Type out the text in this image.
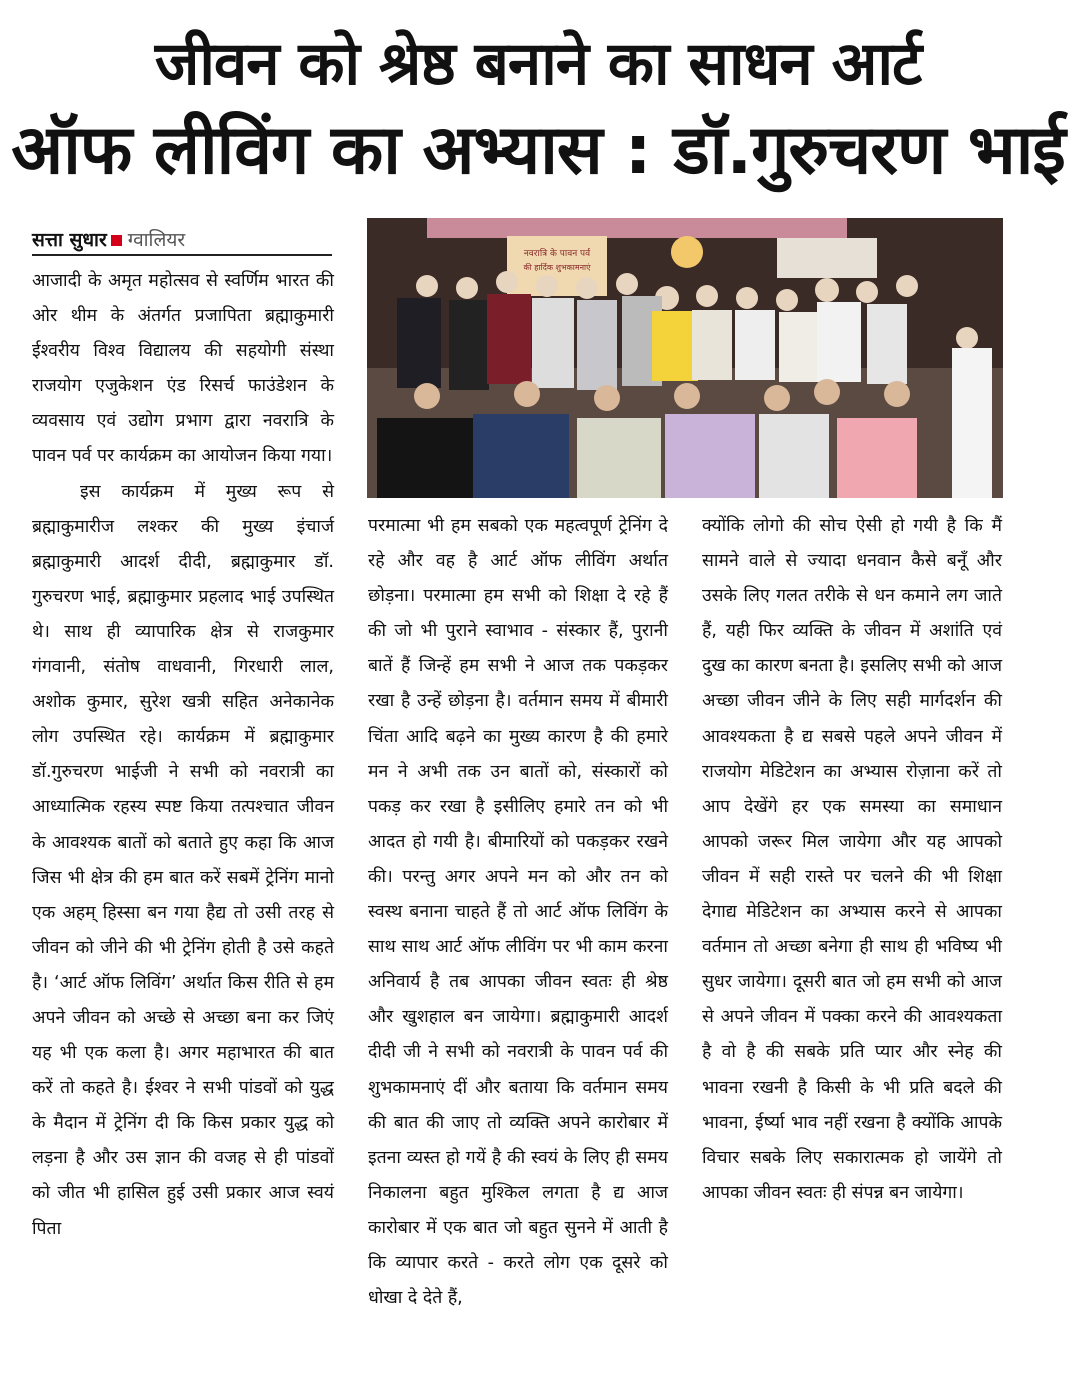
जीवन को श्रेष्ठ बनाने का साधन आर्ट
ऑफ लीविंग का अभ्यास : डॉ.गुरुचरण भाई
सत्ता सुधार ग्वालियर

आजादी के अमृत महोत्सव से स्वर्णिम भारत की ओर थीम के अंतर्गत प्रजापिता ब्रह्माकुमारी ईश्वरीय विश्व विद्यालय की सहयोगी संस्था राजयोग एजुकेशन एंड रिसर्च फाउंडेशन के व्यवसाय एवं उद्योग प्रभाग द्वारा नवरात्रि के पावन पर्व पर कार्यक्रम का आयोजन किया गया।

इस कार्यक्रम में मुख्य रूप से ब्रह्माकुमारीज लश्कर की मुख्य इंचार्ज ब्रह्माकुमारी आदर्श दीदी, ब्रह्माकुमार डॉ. गुरुचरण भाई, ब्रह्माकुमार प्रहलाद भाई उपस्थित थे। साथ ही व्यापारिक क्षेत्र से राजकुमार गंगवानी, संतोष वाधवानी, गिरधारी लाल, अशोक कुमार, सुरेश खत्री सहित अनेकानेक लोग उपस्थित रहे। कार्यक्रम में ब्रह्माकुमार डॉ.गुरुचरण भाईजी ने सभी को नवरात्री का आध्यात्मिक रहस्य स्पष्ट किया तत्पश्चात जीवन के आवश्यक बातों को बताते हुए कहा कि आज जिस भी क्षेत्र की हम बात करें सबमें ट्रेनिंग मानो एक अहम् हिस्सा बन गया हैद्य तो उसी तरह से जीवन को जीने की भी ट्रेनिंग होती है उसे कहते है। ‘आर्ट ऑफ लिविंग’ अर्थात किस रीति से हम अपने जीवन को अच्छे से अच्छा बना कर जिएं यह भी एक कला है। अगर महाभारत की बात करें तो कहते है। ईश्वर ने सभी पांडवों को युद्ध के मैदान में ट्रेनिंग दी कि किस प्रकार युद्ध को लड़ना है और उस ज्ञान की वजह से ही पांडवों को जीत भी हासिल हुई उसी प्रकार आज स्वयं पिता

नवरात्रि के पावन पर्व
की हार्दिक शुभकामनाएं

परमात्मा भी हम सबको एक महत्वपूर्ण ट्रेनिंग दे रहे और वह है आर्ट ऑफ लीविंग अर्थात छोड़ना। परमात्मा हम सभी को शिक्षा दे रहे हैं की जो भी पुराने स्वाभाव - संस्कार हैं, पुरानी बातें हैं जिन्हें हम सभी ने आज तक पकड़कर रखा है उन्हें छोड़ना है। वर्तमान समय में बीमारी चिंता आदि बढ़ने का मुख्य कारण है की हमारे मन ने अभी तक उन बातों को, संस्कारों को पकड़ कर रखा है इसीलिए हमारे तन को भी आदत हो गयी है। बीमारियों को पकड़कर रखने की। परन्तु अगर अपने मन को और तन को स्वस्थ बनाना चाहते हैं तो आर्ट ऑफ लिविंग के साथ साथ आर्ट ऑफ लीविंग पर भी काम करना अनिवार्य है तब आपका जीवन स्वतः ही श्रेष्ठ और खुशहाल बन जायेगा। ब्रह्माकुमारी आदर्श दीदी जी ने सभी को नवरात्री के पावन पर्व की शुभकामनाएं दीं और बताया कि वर्तमान समय की बात की जाए तो व्यक्ति अपने कारोबार में इतना व्यस्त हो गयें है की स्वयं के लिए ही समय निकालना बहुत मुश्किल लगता है द्य आज कारोबार में एक बात जो बहुत सुनने में आती है कि व्यापार करते - करते लोग एक दूसरे को धोखा दे देते हैं,

क्योंकि लोगो की सोच ऐसी हो गयी है कि मैं सामने वाले से ज्यादा धनवान कैसे बनूँ और उसके लिए गलत तरीके से धन कमाने लग जाते हैं, यही फिर व्यक्ति के जीवन में अशांति एवं दुख का कारण बनता है। इसलिए सभी को आज अच्छा जीवन जीने के लिए सही मार्गदर्शन की आवश्यकता है द्य सबसे पहले अपने जीवन में राजयोग मेडिटेशन का अभ्यास रोज़ाना करें तो आप देखेंगे हर एक समस्या का समाधान आपको जरूर मिल जायेगा और यह आपको जीवन में सही रास्ते पर चलने की भी शिक्षा देगाद्य मेडिटेशन का अभ्यास करने से आपका वर्तमान तो अच्छा बनेगा ही साथ ही भविष्य भी सुधर जायेगा। दूसरी बात जो हम सभी को आज से अपने जीवन में पक्का करने की आवश्यकता है वो है की सबके प्रति प्यार और स्नेह की भावना रखनी है किसी के भी प्रति बदले की भावना, ईर्ष्या भाव नहीं रखना है क्योंकि आपके विचार सबके लिए सकारात्मक हो जायेंगे तो आपका जीवन स्वतः ही संपन्न बन जायेगा।
